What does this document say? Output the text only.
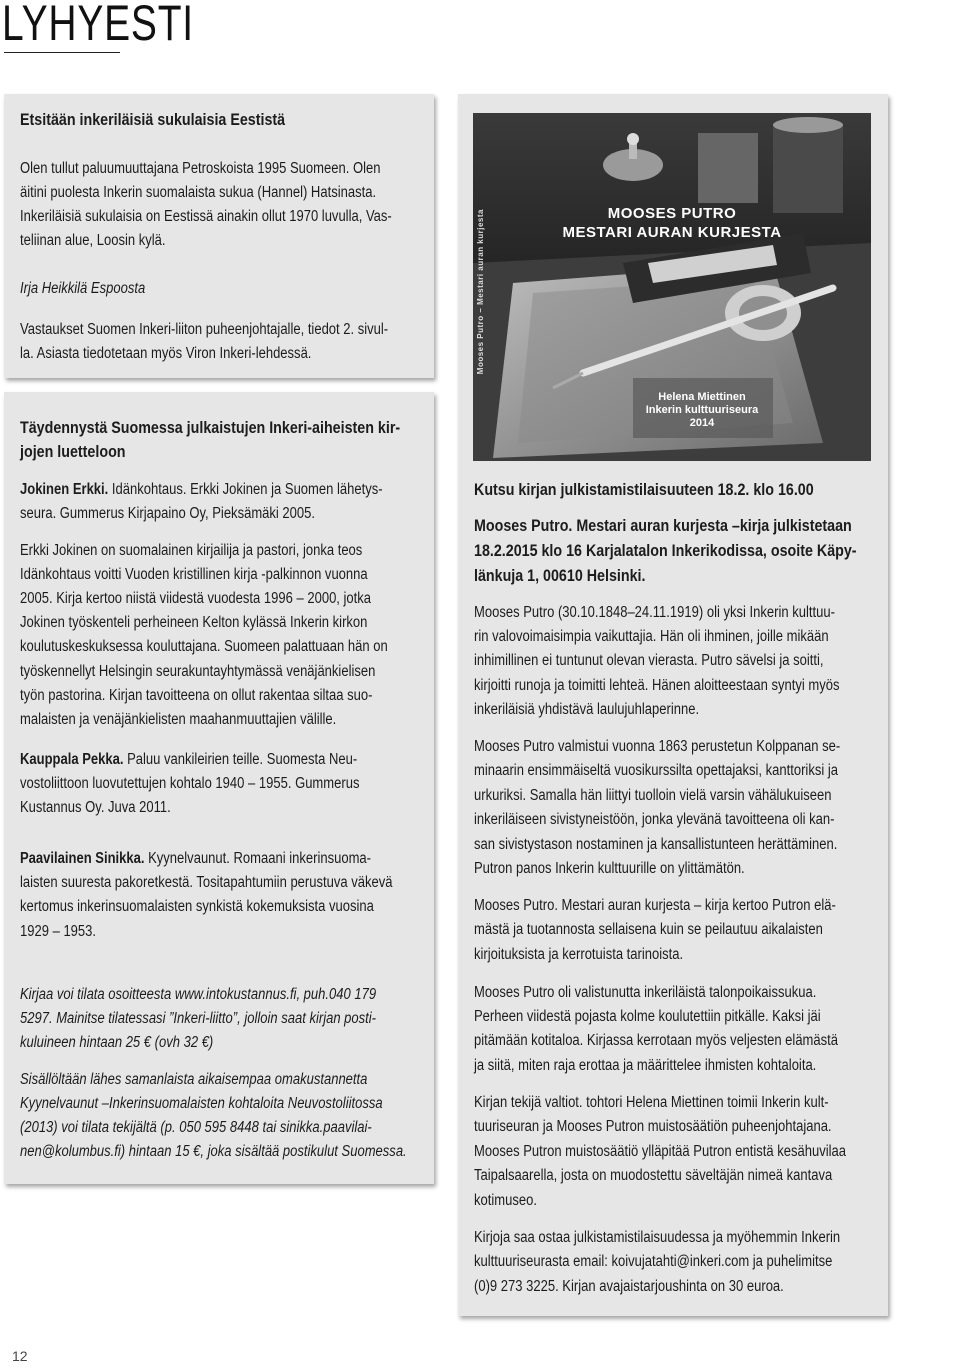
LYHYESTI
Etsitään inkeriläisiä sukulaisia Eestistä
Olen tullut paluumuuttajana Petroskoista 1995 Suomeen. Olen
äitini puolesta Inkerin suomalaista sukua (Hannel) Hatsinasta.
Inkeriläisiä sukulaisia on Eestissä ainakin ollut 1970 luvulla, Vas-
teliinan alue, Loosin kylä.
Irja Heikkilä Espoosta
Vastaukset Suomen Inkeri-liiton puheenjohtajalle, tiedot 2. sivul-
la. Asiasta tiedotetaan myös Viron Inkeri-lehdessä.
Täydennystä Suomessa julkaistujen Inkeri-aiheisten kir-
jojen luetteloon
Jokinen Erkki. Idänkohtaus. Erkki Jokinen ja Suomen lähetys-
seura. Gummerus Kirjapaino Oy, Pieksämäki 2005.
Erkki Jokinen on suomalainen kirjailija ja pastori, jonka teos
Idänkohtaus voitti Vuoden kristillinen kirja -palkinnon vuonna
2005. Kirja kertoo niistä viidestä vuodesta 1996 – 2000, jotka
Jokinen työskenteli perheineen Kelton kylässä Inkerin kirkon
koulutuskeskuksessa kouluttajana. Suomeen palattuaan hän on
työskennellyt Helsingin seurakuntayhtymässä venäjänkielisen
työn pastorina. Kirjan tavoitteena on ollut rakentaa siltaa suo-
malaisten ja venäjänkielisten maahanmuuttajien välille.
Kauppala Pekka. Paluu vankileirien teille. Suomesta Neu-
vostoliittoon luovutettujen kohtalo 1940 – 1955. Gummerus
Kustannus Oy. Juva 2011.
Paavilainen Sinikka. Kyynelvaunut. Romaani inkerinsuoma-
laisten suuresta pakoretkestä. Tositapahtumiin perustuva väkevä
kertomus inkerinsuomalaisten synkistä kokemuksista vuosina
1929 – 1953.
Kirjaa voi tilata osoitteesta www.intokustannus.fi, puh.040 179
5297. Mainitse tilatessasi ”Inkeri-liitto”, jolloin saat kirjan posti-
kuluineen hintaan 25 € (ovh 32 €)
Sisällöltään lähes samanlaista aikaisempaa omakustannetta
Kyynelvaunut –Inkerinsuomalaisten kohtaloita Neuvostoliitossa
(2013) voi tilata tekijältä (p. 050 595 8448 tai sinikka.paavilai-
nen@kolumbus.fi) hintaan 15 €, joka sisältää postikulut Suomessa.
MOOSES PUTRO
MESTARI AURAN KURJESTA
Mooses Putro – Mestari auran kurjesta
Helena Miettinen
Inkerin kulttuuriseura
2014
Kutsu kirjan julkistamistilaisuuteen 18.2. klo 16.00
Mooses Putro. Mestari auran kurjesta –kirja julkistetaan
18.2.2015 klo 16 Karjalatalon Inkerikodissa, osoite Käpy-
länkuja 1, 00610 Helsinki.
Mooses Putro (30.10.1848–24.11.1919) oli yksi Inkerin kulttuu-
rin valovoimaisimpia vaikuttajia. Hän oli ihminen, joille mikään
inhimillinen ei tuntunut olevan vierasta. Putro sävelsi ja soitti,
kirjoitti runoja ja toimitti lehteä. Hänen aloitteestaan syntyi myös
inkeriläisiä yhdistävä laulujuhlaperinne.
Mooses Putro valmistui vuonna 1863 perustetun Kolppanan se-
minaarin ensimmäiseltä vuosikurssilta opettajaksi, kanttoriksi ja
urkuriksi. Samalla hän liittyi tuolloin vielä varsin vähälukuiseen
inkeriläiseen sivistyneistöön, jonka ylevänä tavoitteena oli kan-
san sivistystason nostaminen ja kansallistunteen herättäminen.
Putron panos Inkerin kulttuurille on ylittämätön.
Mooses Putro. Mestari auran kurjesta – kirja kertoo Putron elä-
mästä ja tuotannosta sellaisena kuin se peilautuu aikalaisten
kirjoituksista ja kerrotuista tarinoista.
Mooses Putro oli valistunutta inkeriläistä talonpoikaissukua.
Perheen viidestä pojasta kolme koulutettiin pitkälle. Kaksi jäi
pitämään kotitaloa. Kirjassa kerrotaan myös veljesten elämästä
ja siitä, miten raja erottaa ja määrittelee ihmisten kohtaloita.
Kirjan tekijä valtiot. tohtori Helena Miettinen toimii Inkerin kult-
tuuriseuran ja Mooses Putron muistosäätiön puheenjohtajana.
Mooses Putron muistosäätiö ylläpitää Putron entistä kesähuvilaa
Taipalsaarella, josta on muodostettu säveltäjän nimeä kantava
kotimuseo.
Kirjoja saa ostaa julkistamistilaisuudessa ja myöhemmin Inkerin
kulttuuriseurasta email: koivujatahti@inkeri.com ja puhelimitse
(0)9 273 3225. Kirjan avajaistarjoushinta on 30 euroa.
12
